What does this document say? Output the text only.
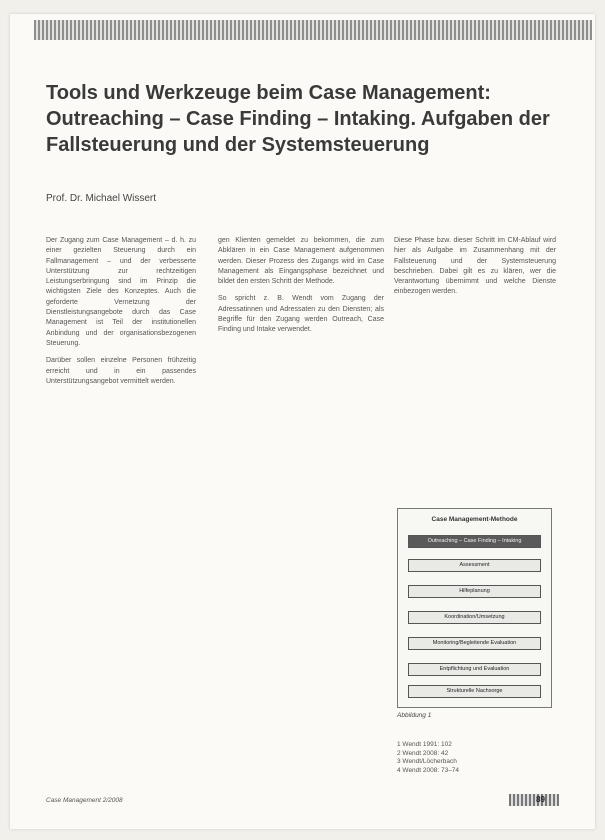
Tools und Werkzeuge beim Case Management: Outreaching – Case Finding – Intaking. Aufgaben der Fallsteuerung und der Systemsteuerung
Prof. Dr. Michael Wissert

Der Zugang zum Case Management – d. h. zu einer gezielten Steuerung durch ein Fallmanagement – und der verbesserte Unterstützung zur rechtzeitigen Leistungserbringung sind im Prinzip die wichtigsten Ziele des Konzeptes. Auch die geforderte Vernetzung der Dienstleistungsangebote durch das Case Management ist Teil der institutionellen Anbindung und der organisationsbezogenen Steuerung.

Darüber sollen einzelne Personen frühzeitig erreicht und in ein passendes Unterstützungsangebot vermittelt werden.

gen Klienten gemeldet zu bekommen, die zum Abklären in ein Case Management aufgenommen werden. Dieser Prozess des Zugangs wird im Case Management als Eingangsphase bezeichnet und bildet den ersten Schritt der Methode.

So spricht z. B. Wendt vom Zugang der Adressatinnen und Adressaten zu den Diensten; als Begriffe für den Zugang werden Outreach, Case Finding und Intake verwendet.

Diese Phase bzw. dieser Schritt im CM-Ablauf wird hier als Aufgabe im Zusammenhang mit der Fallsteuerung und der Systemsteuerung beschrieben. Dabei gilt es zu klären, wer die Verantwortung übernimmt und welche Dienste einbezogen werden.

Case Management-Methode
Outreaching – Case Finding – Intaking
Assessment
Hilfeplanung
Koordination/Umsetzung
Monitoring/Begleitende Evaluation
Entpflichtung und Evaluation
Strukturelle Nachsorge
Abbildung 1
1 Wendt 1991: 102
2 Wendt 2008: 42
3 Wendt/Löcherbach
4 Wendt 2008: 73–74
Case Management 2/2008	89
